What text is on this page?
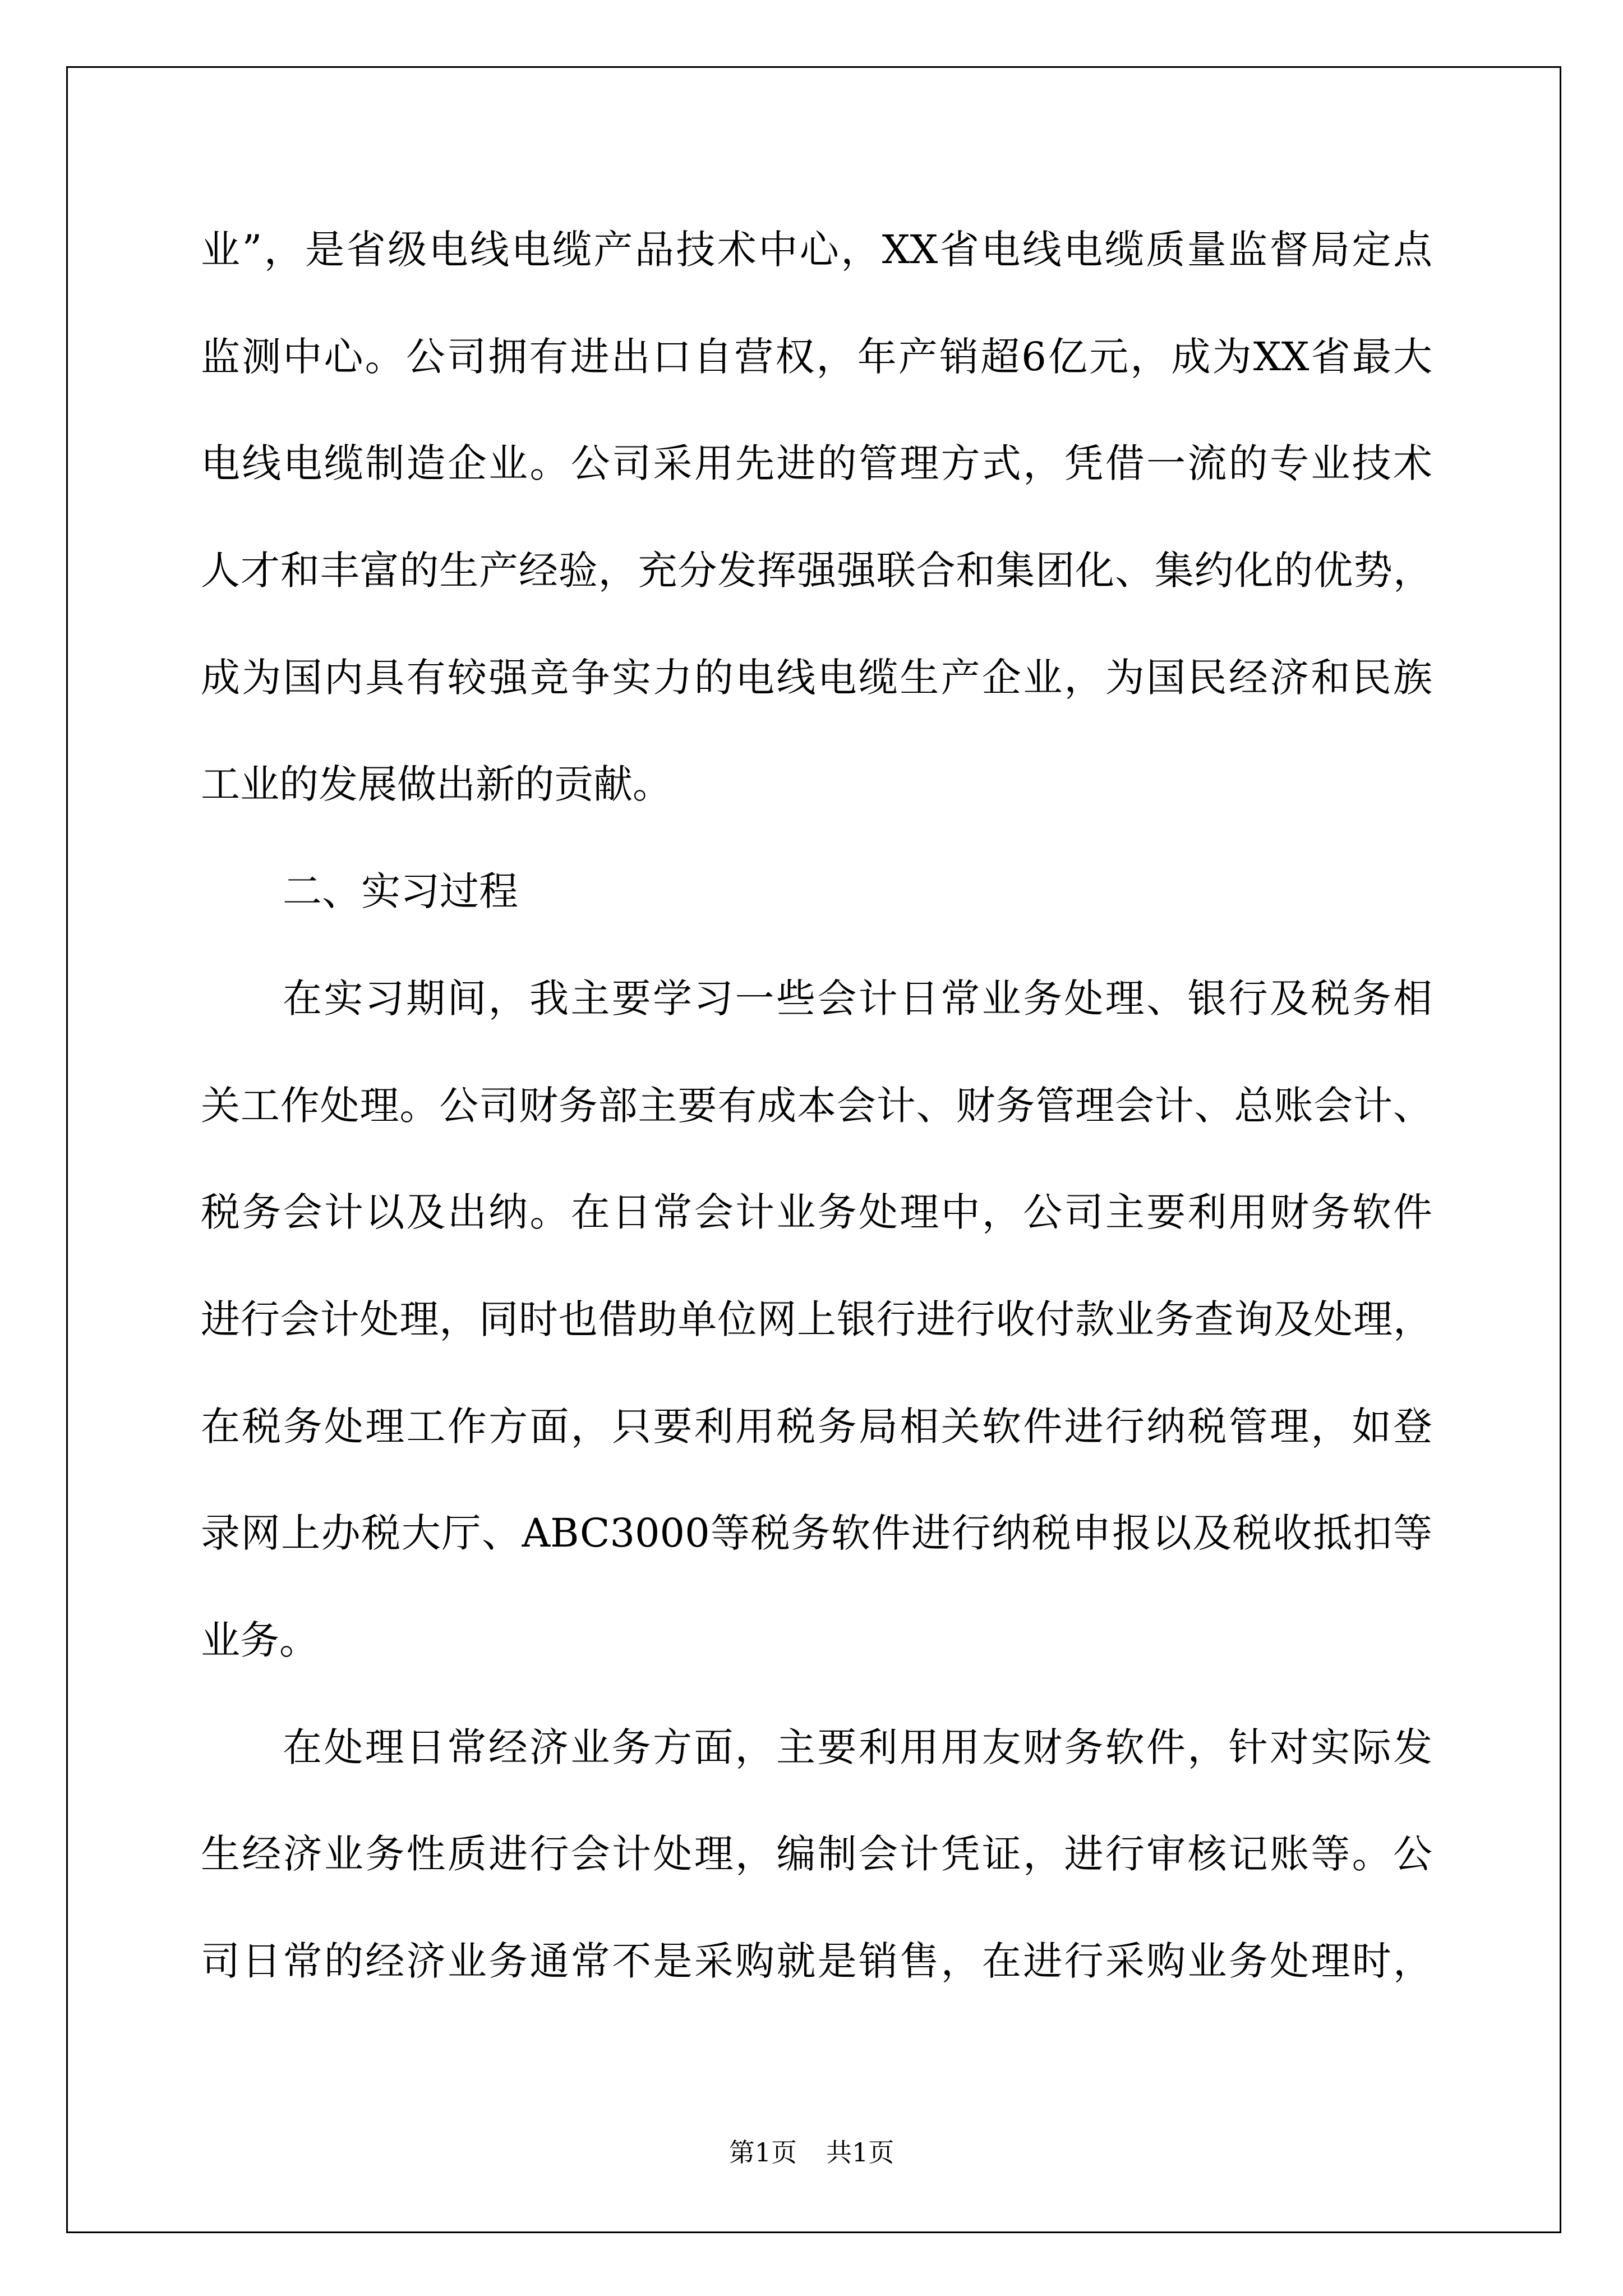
业”，是省级电线电缆产品技术中心，XX省电线电缆质量监督局定点
监测中心。公司拥有进出口自营权，年产销超6亿元，成为XX省最大
电线电缆制造企业。公司采用先进的管理方式，凭借一流的专业技术
人才和丰富的生产经验，充分发挥强强联合和集团化、集约化的优势，
成为国内具有较强竞争实力的电线电缆生产企业，为国民经济和民族
工业的发展做出新的贡献。
二、实习过程
在实习期间，我主要学习一些会计日常业务处理、银行及税务相
关工作处理。公司财务部主要有成本会计、财务管理会计、总账会计、
税务会计以及出纳。在日常会计业务处理中，公司主要利用财务软件
进行会计处理，同时也借助单位网上银行进行收付款业务查询及处理，
在税务处理工作方面，只要利用税务局相关软件进行纳税管理，如登
录网上办税大厅、ABC3000等税务软件进行纳税申报以及税收抵扣等
业务。
在处理日常经济业务方面，主要利用用友财务软件，针对实际发
生经济业务性质进行会计处理，编制会计凭证，进行审核记账等。公
司日常的经济业务通常不是采购就是销售，在进行采购业务处理时，
第1页 共1页
